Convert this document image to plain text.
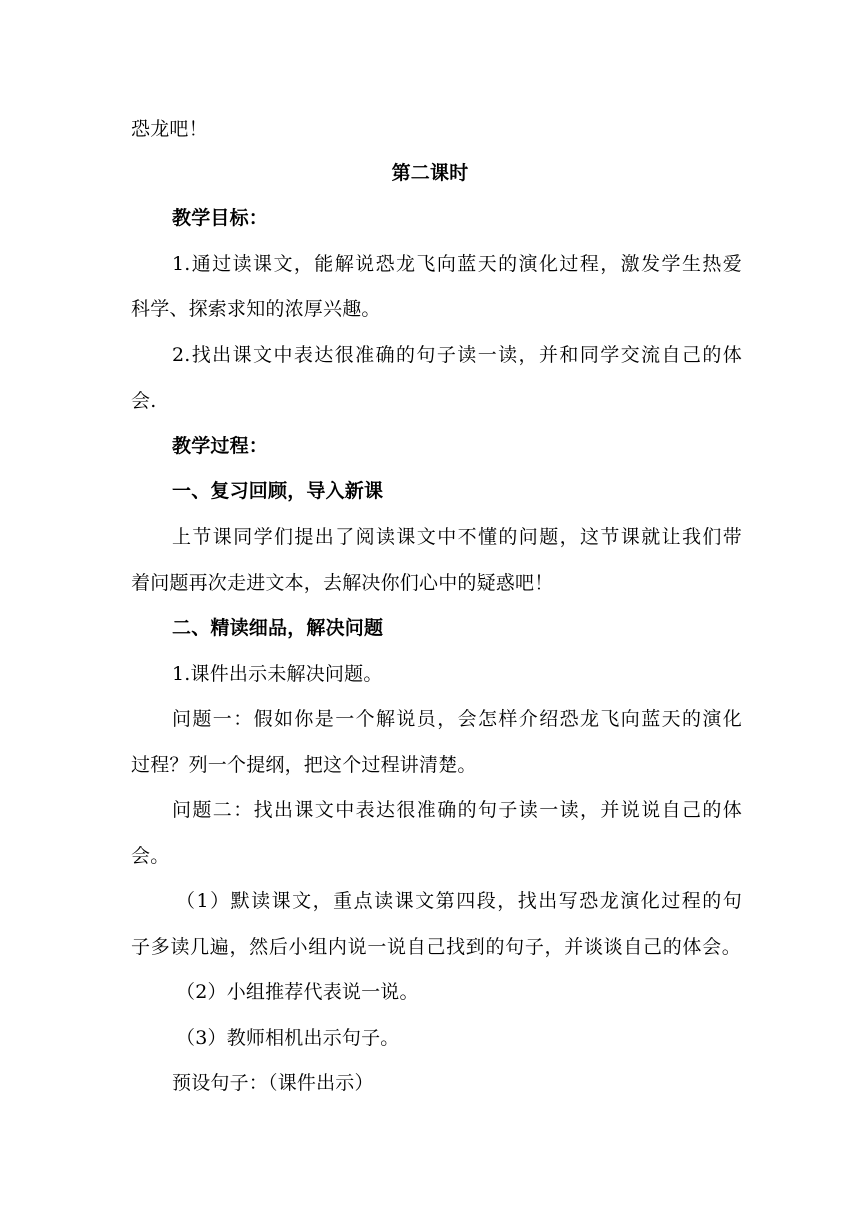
恐龙吧！
第二课时
教学目标：
1.通过读课文，能解说恐龙飞向蓝天的演化过程，激发学生热爱
科学、探索求知的浓厚兴趣。
2.找出课文中表达很准确的句子读一读，并和同学交流自己的体
会.
教学过程：
一、复习回顾，导入新课
上节课同学们提出了阅读课文中不懂的问题，这节课就让我们带
着问题再次走进文本，去解决你们心中的疑惑吧！
二、精读细品，解决问题
1.课件出示未解决问题。
问题一：假如你是一个解说员，会怎样介绍恐龙飞向蓝天的演化
过程？列一个提纲，把这个过程讲清楚。
问题二：找出课文中表达很准确的句子读一读，并说说自己的体
会。
（1）默读课文，重点读课文第四段，找出写恐龙演化过程的句
子多读几遍，然后小组内说一说自己找到的句子，并谈谈自己的体会。
（2）小组推荐代表说一说。
（3）教师相机出示句子。
预设句子：（课件出示）
